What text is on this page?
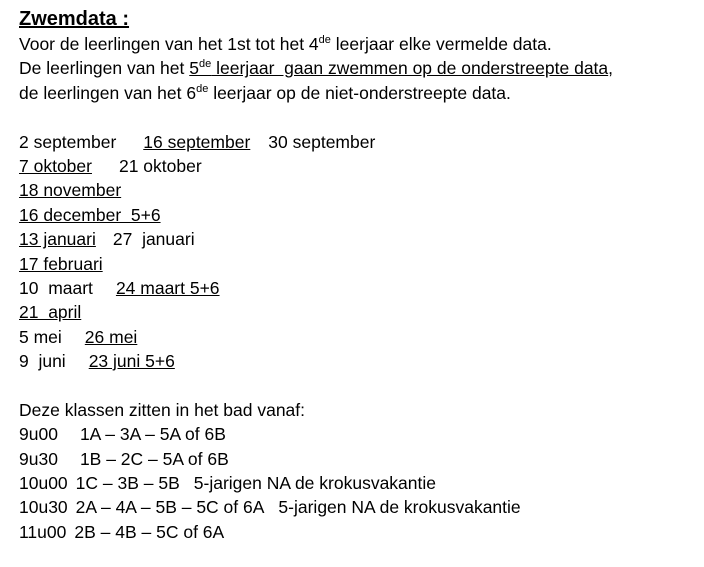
Zwemdata :
Voor de leerlingen van het 1st tot het 4de leerjaar elke vermelde data.
De leerlingen van het 5de leerjaar  gaan zwemmen op de onderstreepte data,
de leerlingen van het 6de leerjaar op de niet-onderstreepte data.
2 september 16 september 30 september
7 oktober 21 oktober
18 november
16 december  5+6
13 januari 27  januari
17 februari
10  maart 24 maart 5+6
21  april
5 mei 26 mei
9  juni 23 juni 5+6
Deze klassen zitten in het bad vanaf:
9u00 1A – 3A – 5A of 6B
9u30 1B – 2C – 5A of 6B
10u00 1C – 3B – 5B 5-jarigen NA de krokusvakantie
10u30 2A – 4A – 5B – 5C of 6A 5-jarigen NA de krokusvakantie
11u00 2B – 4B – 5C of 6A
